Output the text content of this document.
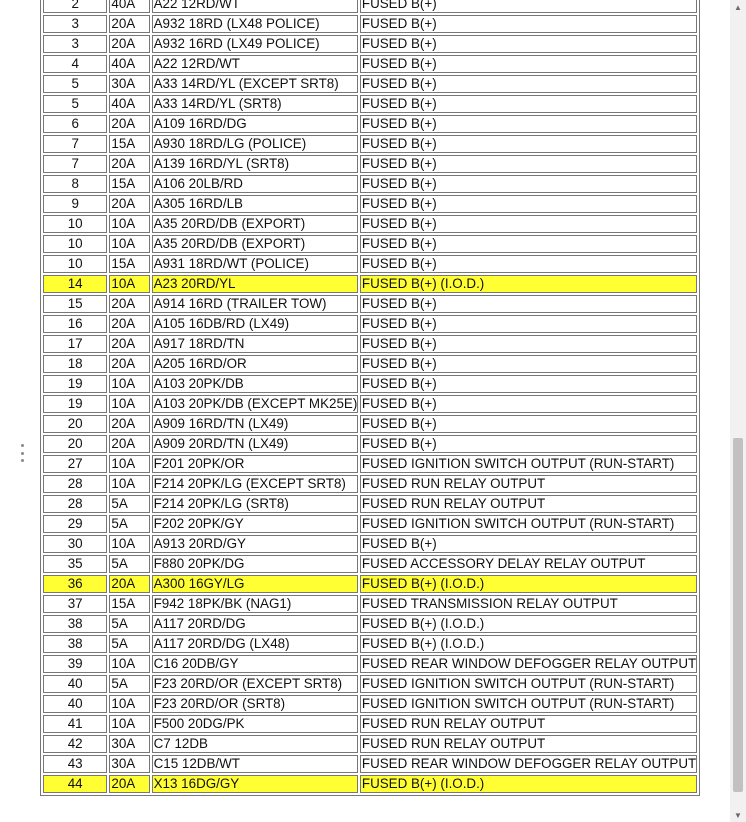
2	40A	A22 12RD/WT	FUSED B(+)
3	20A	A932 18RD (LX48 POLICE)	FUSED B(+)
3	20A	A932 16RD (LX49 POLICE)	FUSED B(+)
4	40A	A22 12RD/WT	FUSED B(+)
5	30A	A33 14RD/YL (EXCEPT SRT8)	FUSED B(+)
5	40A	A33 14RD/YL (SRT8)	FUSED B(+)
6	20A	A109 16RD/DG	FUSED B(+)
7	15A	A930 18RD/LG (POLICE)	FUSED B(+)
7	20A	A139 16RD/YL (SRT8)	FUSED B(+)
8	15A	A106 20LB/RD	FUSED B(+)
9	20A	A305 16RD/LB	FUSED B(+)
10	10A	A35 20RD/DB (EXPORT)	FUSED B(+)
10	10A	A35 20RD/DB (EXPORT)	FUSED B(+)
10	15A	A931 18RD/WT (POLICE)	FUSED B(+)
14	10A	A23 20RD/YL	FUSED B(+) (I.O.D.)
15	20A	A914 16RD (TRAILER TOW)	FUSED B(+)
16	20A	A105 16DB/RD (LX49)	FUSED B(+)
17	20A	A917 18RD/TN	FUSED B(+)
18	20A	A205 16RD/OR	FUSED B(+)
19	10A	A103 20PK/DB	FUSED B(+)
19	10A	A103 20PK/DB (EXCEPT MK25E)	FUSED B(+)
20	20A	A909 16RD/TN (LX49)	FUSED B(+)
20	20A	A909 20RD/TN (LX49)	FUSED B(+)
27	10A	F201 20PK/OR	FUSED IGNITION SWITCH OUTPUT (RUN-START)
28	10A	F214 20PK/LG (EXCEPT SRT8)	FUSED RUN RELAY OUTPUT
28	5A	F214 20PK/LG (SRT8)	FUSED RUN RELAY OUTPUT
29	5A	F202 20PK/GY	FUSED IGNITION SWITCH OUTPUT (RUN-START)
30	10A	A913 20RD/GY	FUSED B(+)
35	5A	F880 20PK/DG	FUSED ACCESSORY DELAY RELAY OUTPUT
36	20A	A300 16GY/LG	FUSED B(+) (I.O.D.)
37	15A	F942 18PK/BK (NAG1)	FUSED TRANSMISSION RELAY OUTPUT
38	5A	A117 20RD/DG	FUSED B(+) (I.O.D.)
38	5A	A117 20RD/DG (LX48)	FUSED B(+) (I.O.D.)
39	10A	C16 20DB/GY	FUSED REAR WINDOW DEFOGGER RELAY OUTPUT
40	5A	F23 20RD/OR (EXCEPT SRT8)	FUSED IGNITION SWITCH OUTPUT (RUN-START)
40	10A	F23 20RD/OR (SRT8)	FUSED IGNITION SWITCH OUTPUT (RUN-START)
41	10A	F500 20DG/PK	FUSED RUN RELAY OUTPUT
42	30A	C7 12DB	FUSED RUN RELAY OUTPUT
43	30A	C15 12DB/WT	FUSED REAR WINDOW DEFOGGER RELAY OUTPUT
44	20A	X13 16DG/GY	FUSED B(+) (I.O.D.)
▲
▼
